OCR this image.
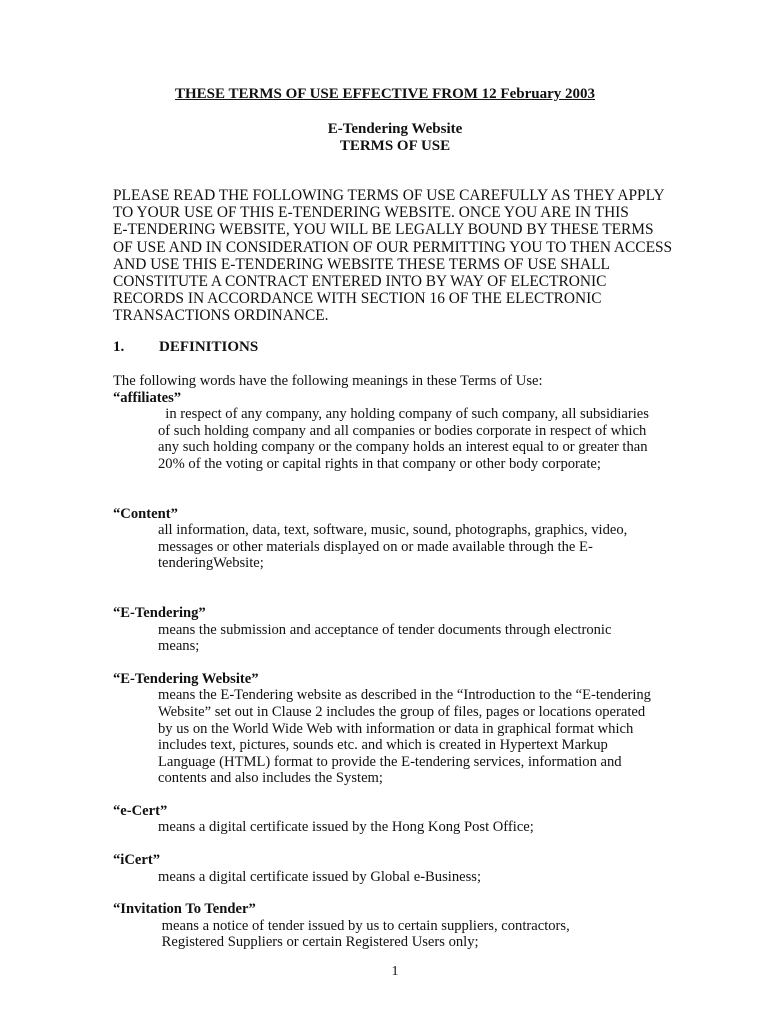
THESE TERMS OF USE EFFECTIVE FROM 12 February 2003
E-Tendering Website
TERMS OF USE
PLEASE READ THE FOLLOWING TERMS OF USE CAREFULLY AS THEY APPLY
TO YOUR USE OF THIS E-TENDERING WEBSITE. ONCE YOU ARE IN THIS
E-TENDERING WEBSITE, YOU WILL BE LEGALLY BOUND BY THESE TERMS
OF USE AND IN CONSIDERATION OF OUR PERMITTING YOU TO THEN ACCESS
AND USE THIS E-TENDERING WEBSITE THESE TERMS OF USE SHALL
CONSTITUTE A CONTRACT ENTERED INTO BY WAY OF ELECTRONIC
RECORDS IN ACCORDANCE WITH SECTION 16 OF THE ELECTRONIC
TRANSACTIONS ORDINANCE.
1. DEFINITIONS
The following words have the following meanings in these Terms of Use:
“affiliates”
in respect of any company, any holding company of such company, all subsidiaries
of such holding company and all companies or bodies corporate in respect of which
any such holding company or the company holds an interest equal to or greater than
20% of the voting or capital rights in that company or other body corporate;
“Content”
all information, data, text, software, music, sound, photographs, graphics, video,
messages or other materials displayed on or made available through the E-
tenderingWebsite;
“E-Tendering”
means the submission and acceptance of tender documents through electronic
means;
“E-Tendering Website”
means the E-Tendering website as described in the “Introduction to the “E-tendering
Website” set out in Clause 2 includes the group of files, pages or locations operated
by us on the World Wide Web with information or data in graphical format which
includes text, pictures, sounds etc. and which is created in Hypertext Markup
Language (HTML) format to provide the E-tendering services, information and
contents and also includes the System;
“e-Cert”
means a digital certificate issued by the Hong Kong Post Office;
“iCert”
means a digital certificate issued by Global e-Business;
“Invitation To Tender”
means a notice of tender issued by us to certain suppliers, contractors,
Registered Suppliers or certain Registered Users only;
1
